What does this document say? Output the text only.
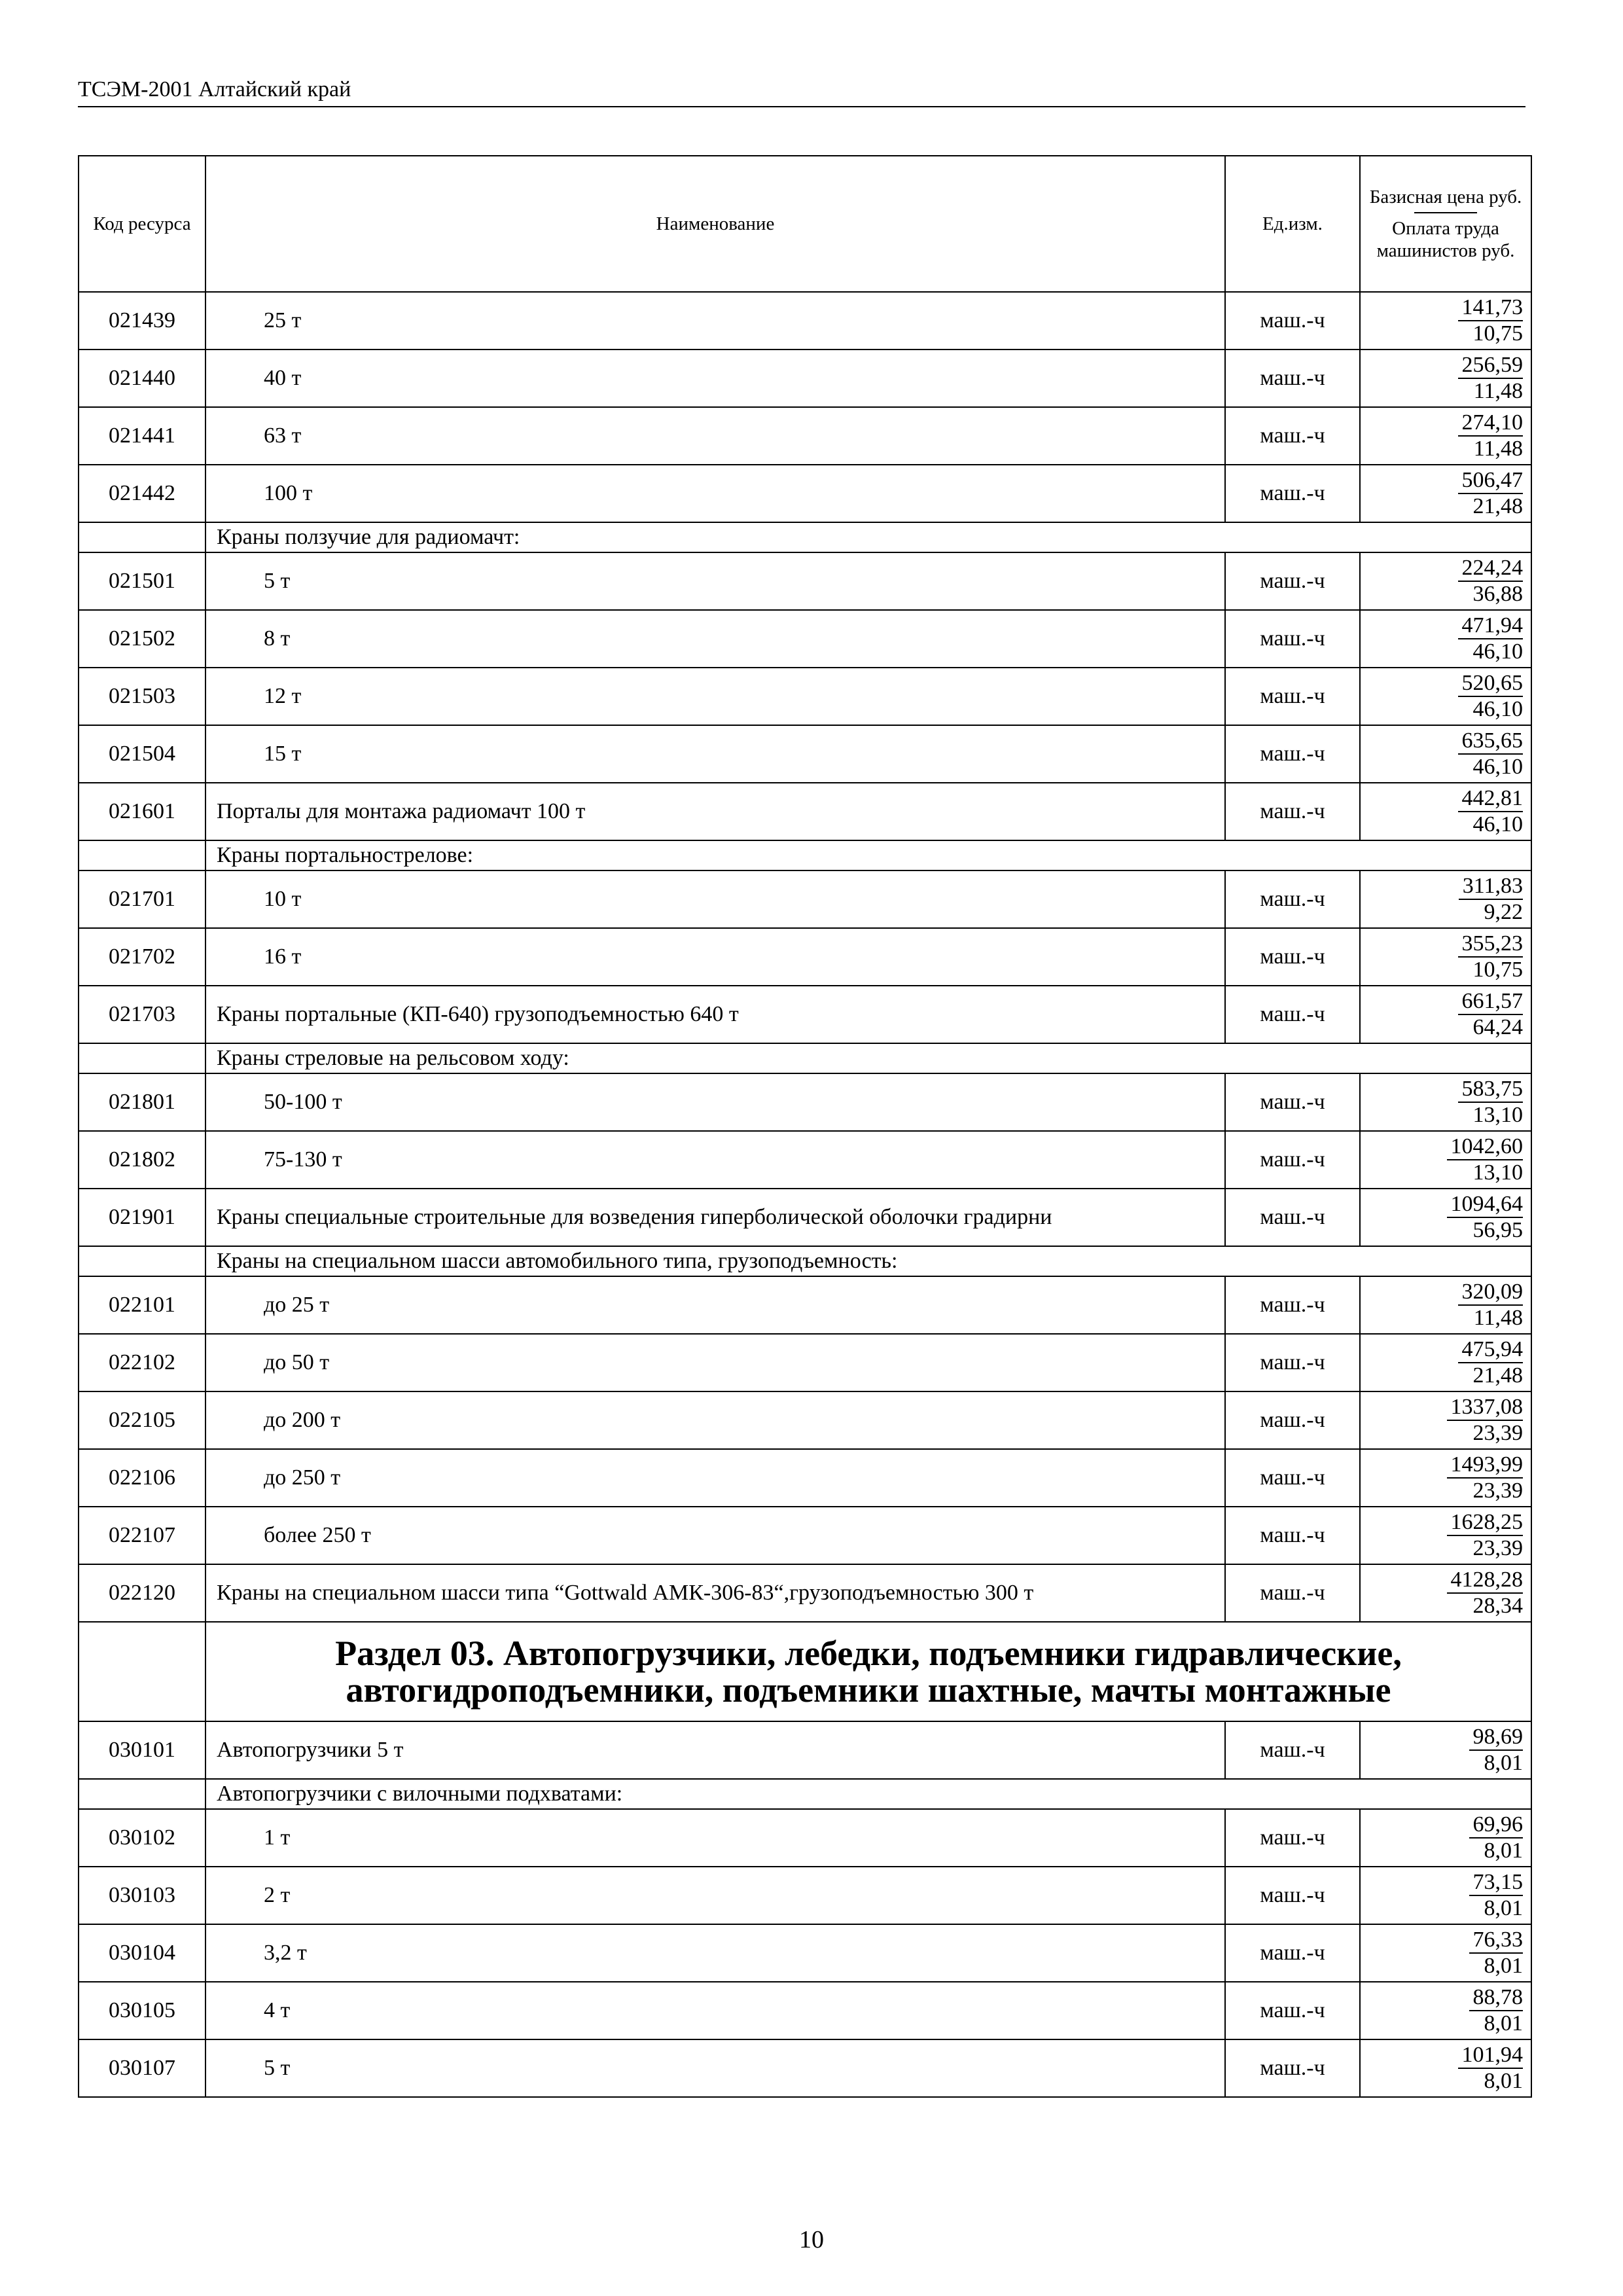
ТСЭМ-2001 Алтайский край
Код ресурса	Наименование	Ед.изм.	Базисная цена руб.
Оплата труда машинистов руб.
021439	25 т	маш.-ч	141,73
10,75

021440	40 т	маш.-ч	256,59
11,48

021441	63 т	маш.-ч	274,10
11,48

021442	100 т	маш.-ч	506,47
21,48

	Краны ползучие для радиомачт:		
021501	5 т	маш.-ч	224,24
36,88

021502	8 т	маш.-ч	471,94
46,10

021503	12 т	маш.-ч	520,65
46,10

021504	15 т	маш.-ч	635,65
46,10

021601	Порталы для монтажа радиомачт 100 т	маш.-ч	442,81
46,10

	Краны портальнострелове:		
021701	10 т	маш.-ч	311,83
9,22

021702	16 т	маш.-ч	355,23
10,75

021703	Краны портальные (КП-640) грузоподъемностью 640 т	маш.-ч	661,57
64,24

	Краны стреловые на рельсовом ходу:		
021801	50-100 т	маш.-ч	583,75
13,10

021802	75-130 т	маш.-ч	1042,60
13,10

021901	Краны специальные строительные для возведения гиперболической оболочки градирни	маш.-ч	1094,64
56,95

	Краны на специальном шасси автомобильного типа, грузоподъемность:		
022101	до 25 т	маш.-ч	320,09
11,48

022102	до 50 т	маш.-ч	475,94
21,48

022105	до 200 т	маш.-ч	1337,08
23,39

022106	до 250 т	маш.-ч	1493,99
23,39

022107	более 250 т	маш.-ч	1628,25
23,39

022120	Краны на специальном шасси типа “Gottwald АМК-306-83“,грузоподъемностью 300 т	маш.-ч	4128,28
28,34

	Раздел 03. Автопогрузчики, лебедки, подъемники гидравлические,
автогидроподъемники, подъемники шахтные, мачты монтажные		
030101	Автопогрузчики 5 т	маш.-ч	98,69
8,01

	Автопогрузчики с вилочными подхватами:		
030102	1 т	маш.-ч	69,96
8,01

030103	2 т	маш.-ч	73,15
8,01

030104	3,2 т	маш.-ч	76,33
8,01

030105	4 т	маш.-ч	88,78
8,01

030107	5 т	маш.-ч	101,94
8,01
10
